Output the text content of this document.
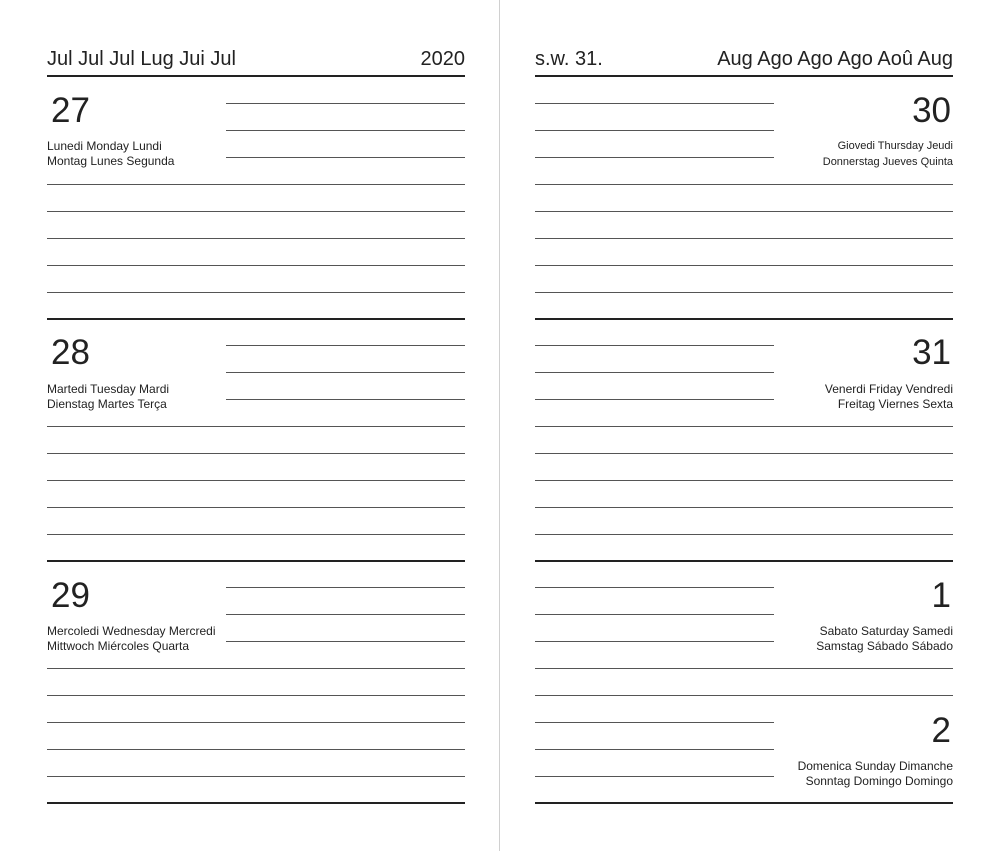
Jul Jul Jul Lug Jui Jul	2020
27
Lunedi Monday Lundi
Montag Lunes Segunda
28
Martedi Tuesday Mardi
Dienstag Martes Terça
29
Mercoledi Wednesday Mercredi
Mittwoch Miércoles Quarta
s.w. 31.	Aug Ago Ago Ago Aoû Aug
30
Giovedi Thursday Jeudi
Donnerstag Jueves Quinta
31
Venerdi Friday Vendredi
Freitag Viernes Sexta
1
Sabato Saturday Samedi
Samstag Sábado Sábado
2
Domenica Sunday Dimanche
Sonntag Domingo Domingo
